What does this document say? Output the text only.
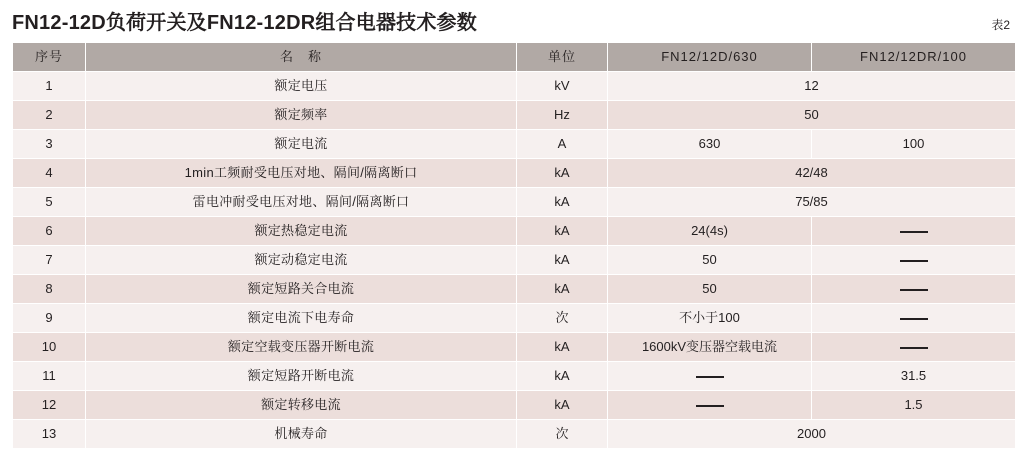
FN12-12D负荷开关及FN12-12DR组合电器技术参数	表2
序号	名　称	单位	FN12/12D/630	FN12/12DR/100
1	额定电压	kV	12	
2	额定频率	Hz	50	
3	额定电流	A	630	100
4	1min工频耐受电压对地、隔间/隔离断口	kA	42/48	
5	雷电冲耐受电压对地、隔间/隔离断口	kA	75/85	
6	额定热稳定电流	kA	24(4s)	
7	额定动稳定电流	kA	50	
8	额定短路关合电流	kA	50	
9	额定电流下电寿命	次	不小于100	
10	额定空载变压器开断电流	kA	1600kV变压器空载电流	
11	额定短路开断电流	kA		31.5
12	额定转移电流	kA		1.5
13	机械寿命	次	2000	
